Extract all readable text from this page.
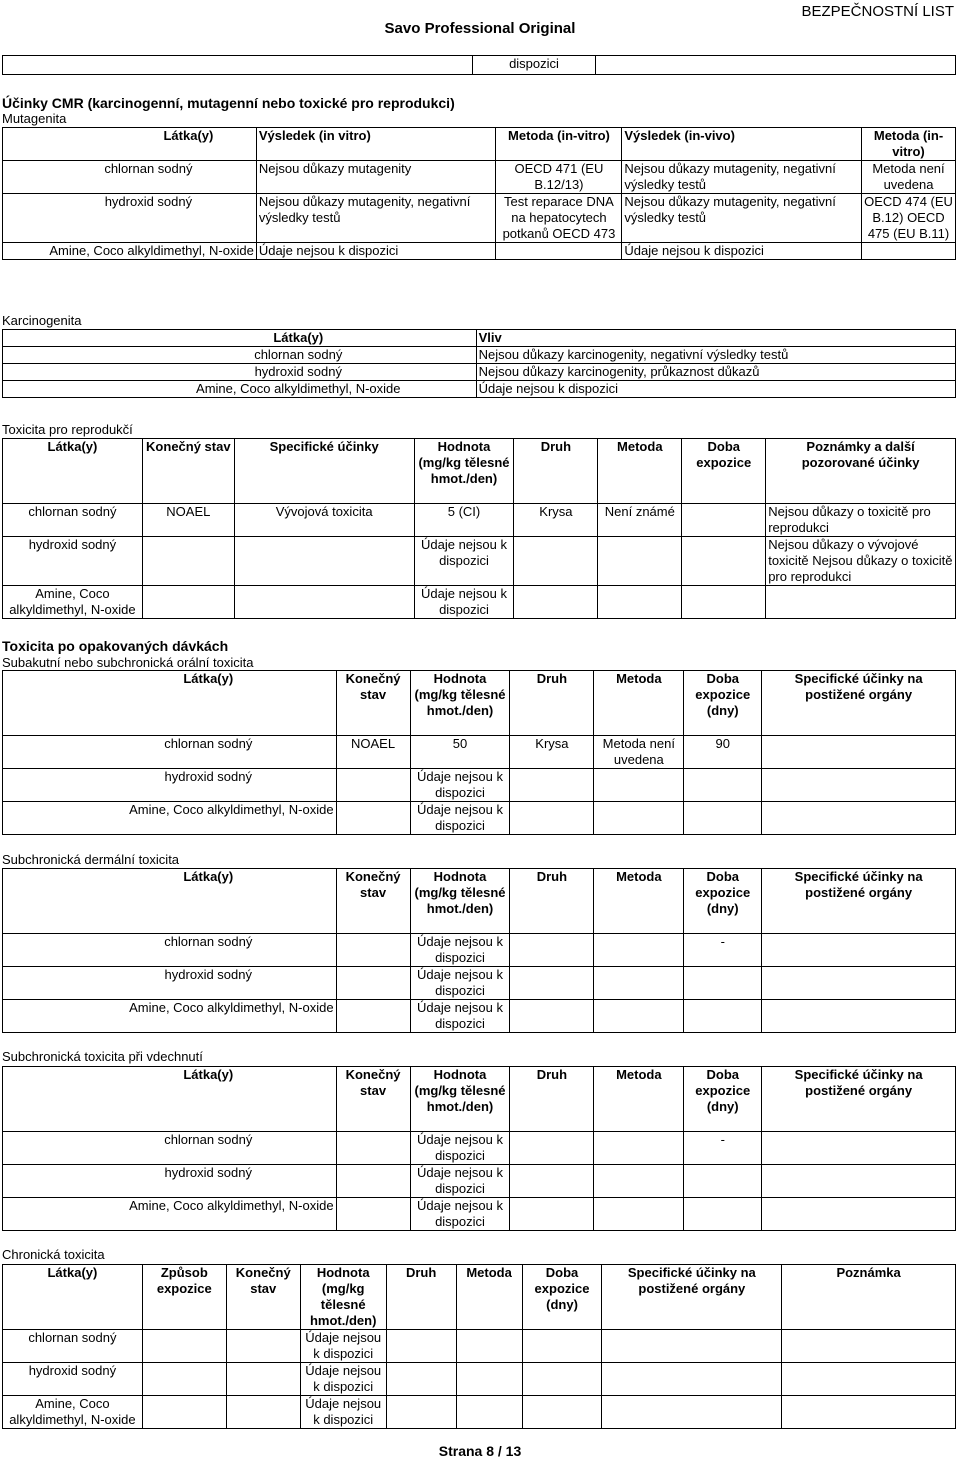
BEZPEČNOSTNÍ LIST
Savo Professional Original
dispozici
Účinky CMR (karcinogenní, mutagenní nebo toxické pro reprodukci)
Mutagenita
Látka(y)	Výsledek (in vitro)	Metoda (in-vitro)	Výsledek (in-vivo)	Metoda (in-vitro)
chlornan sodný	Nejsou důkazy mutagenity	OECD 471 (EU B.12/13)	Nejsou důkazy mutagenity, negativní výsledky testů	Metoda není uvedena
hydroxid sodný	Nejsou důkazy mutagenity, negativní výsledky testů	Test reparace DNA na hepatocytech potkanů OECD 473	Nejsou důkazy mutagenity, negativní výsledky testů	OECD 474 (EU B.12) OECD 475 (EU B.11)
Amine, Coco alkyldimethyl, N-oxide	Údaje nejsou k dispozici		Údaje nejsou k dispozici	
Karcinogenita
Látka(y)	Vliv
chlornan sodný	Nejsou důkazy karcinogenity, negativní výsledky testů
hydroxid sodný	Nejsou důkazy karcinogenity, průkaznost důkazů
Amine, Coco alkyldimethyl, N-oxide	Údaje nejsou k dispozici
Toxicita pro reprodukčí
Látka(y)	Konečný stav	Specifické účinky	Hodnota (mg/kg tělesné hmot./den)	Druh	Metoda	Doba expozice	Poznámky a další pozorované účinky
chlornan sodný	NOAEL	Vývojová toxicita	5 (CI)	Krysa	Není známé		Nejsou důkazy o toxicitě pro reprodukci
hydroxid sodný			Údaje nejsou k dispozici				Nejsou důkazy o vývojové toxicitě Nejsou důkazy o toxicitě pro reprodukci
Amine, Coco alkyldimethyl, N-oxide			Údaje nejsou k dispozici				
Toxicita po opakovaných dávkách
Subakutní nebo subchronická orální toxicita
Látka(y)	Konečný stav	Hodnota (mg/kg tělesné hmot./den)	Druh	Metoda	Doba expozice (dny)	Specifické účinky na postižené orgány
chlornan sodný	NOAEL	50	Krysa	Metoda není uvedena	90	
hydroxid sodný		Údaje nejsou k dispozici				
Amine, Coco alkyldimethyl, N-oxide		Údaje nejsou k dispozici				
Subchronická dermální toxicita
Látka(y)	Konečný stav	Hodnota (mg/kg tělesné hmot./den)	Druh	Metoda	Doba expozice (dny)	Specifické účinky na postižené orgány
chlornan sodný		Údaje nejsou k dispozici			-	
hydroxid sodný		Údaje nejsou k dispozici				
Amine, Coco alkyldimethyl, N-oxide		Údaje nejsou k dispozici				
Subchronická toxicita při vdechnutí
Látka(y)	Konečný stav	Hodnota (mg/kg tělesné hmot./den)	Druh	Metoda	Doba expozice (dny)	Specifické účinky na postižené orgány
chlornan sodný		Údaje nejsou k dispozici			-	
hydroxid sodný		Údaje nejsou k dispozici				
Amine, Coco alkyldimethyl, N-oxide		Údaje nejsou k dispozici				
Chronická toxicita
Látka(y)	Způsob expozice	Konečný stav	Hodnota (mg/kg tělesné hmot./den)	Druh	Metoda	Doba expozice (dny)	Specifické účinky na postižené orgány	Poznámka
chlornan sodný			Údaje nejsou k dispozici					
hydroxid sodný			Údaje nejsou k dispozici					
Amine, Coco alkyldimethyl, N-oxide			Údaje nejsou k dispozici					
Strana 8 / 13
